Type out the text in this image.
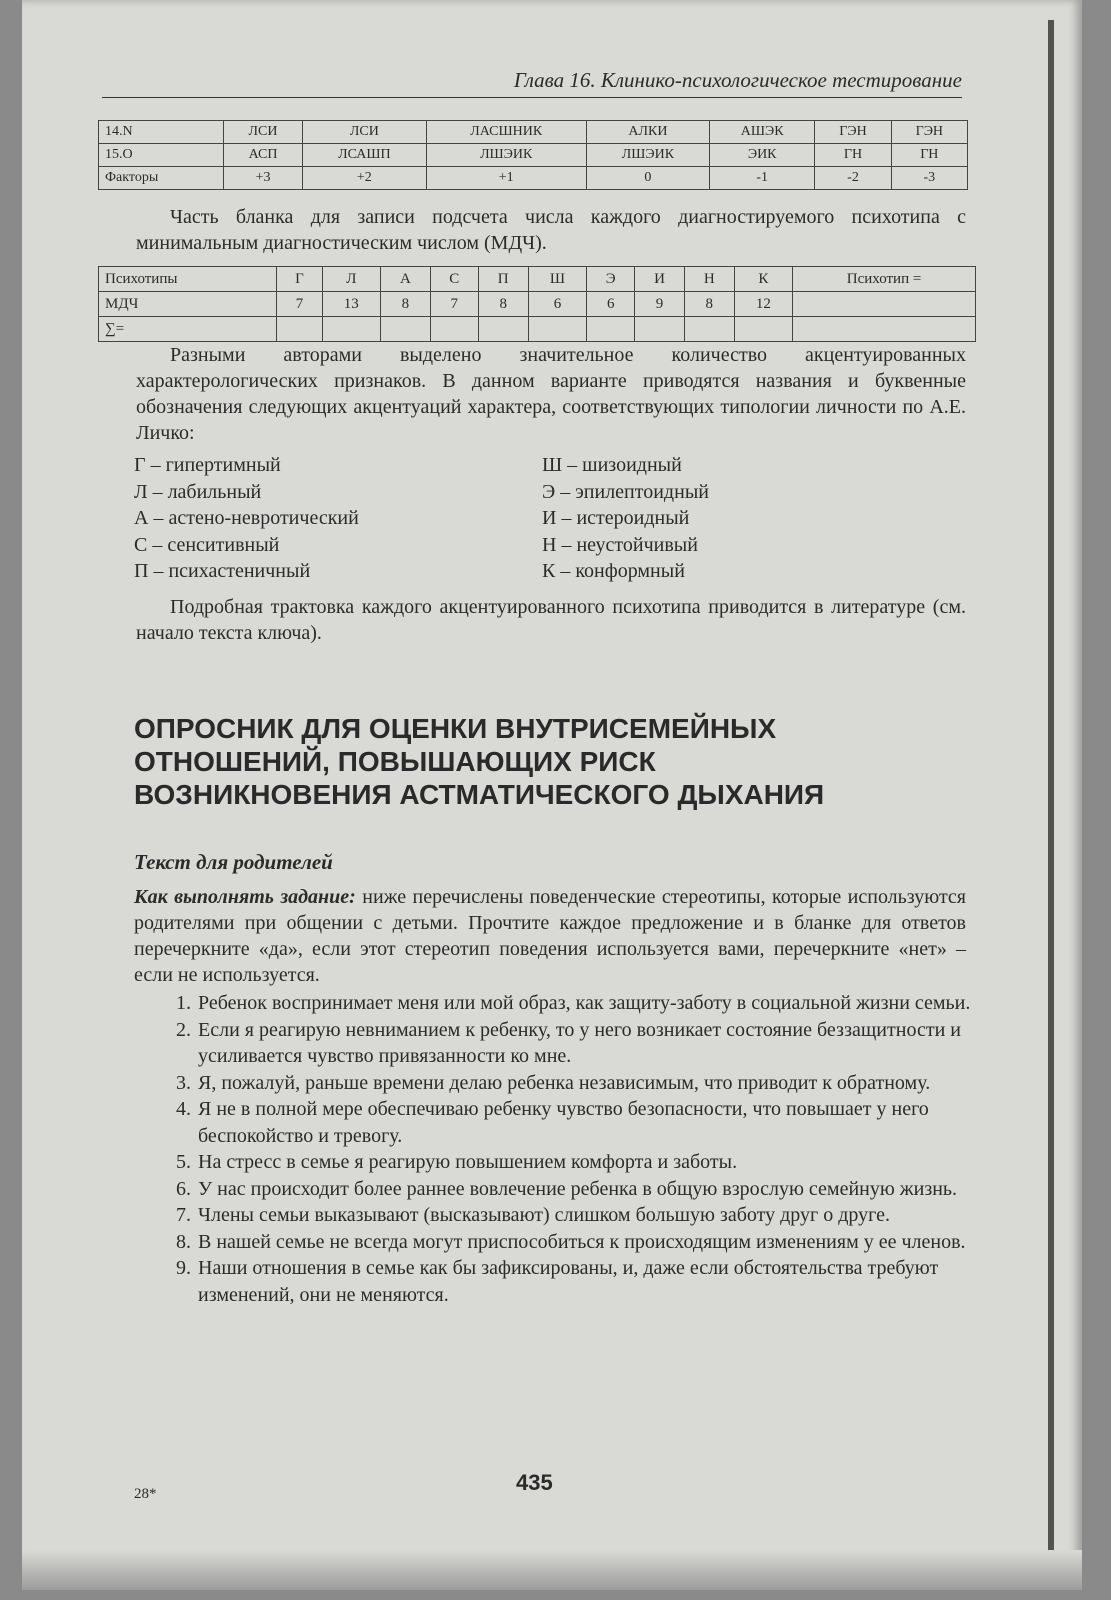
Глава 16. Клинико-психологическое тестирование
14.N	ЛСИ	ЛСИ	ЛАСШНИК	АЛКИ	АШЭК	ГЭН	ГЭН
15.О	АСП	ЛСАШП	ЛШЭИК	ЛШЭИК	ЭИК	ГН	ГН
Факторы	+3	+2	+1	0	-1	-2	-3
Часть бланка для записи подсчета числа каждого диагностируемого психотипа с минимальным диагностическим числом (МДЧ).
Психотипы	Г	Л	А	С	П	Ш	Э	И	Н	К	Психотип =
МДЧ	7	13	8	7	8	6	6	9	8	12	
∑=											
Разными авторами выделено значительное количество акцентуированных характерологических признаков. В данном варианте приводятся названия и буквенные обозначения следующих акцентуаций характера, соответствующих типологии личности по А.Е. Личко:
Г – гипертимный
Л – лабильный
А – астено-невротический
С – сенситивный
П – психастеничный
Ш – шизоидный
Э – эпилептоидный
И – истероидный
Н – неустойчивый
К – конформный
Подробная трактовка каждого акцентуированного психотипа приводится в литературе (см. начало текста ключа).
ОПРОСНИК ДЛЯ ОЦЕНКИ ВНУТРИСЕМЕЙНЫХ
ОТНОШЕНИЙ, ПОВЫШАЮЩИХ РИСК
ВОЗНИКНОВЕНИЯ АСТМАТИЧЕСКОГО ДЫХАНИЯ
Текст для родителей
Как выполнять задание: ниже перечислены поведенческие стереотипы, которые используются родителями при общении с детьми. Прочтите каждое предложение и в бланке для ответов перечеркните «да», если этот стереотип поведения используется вами, перечеркните «нет» – если не используется.
1. Ребенок воспринимает меня или мой образ, как защиту-заботу в социальной жизни семьи.
2. Если я реагирую невниманием к ребенку, то у него возникает состояние беззащитности и усиливается чувство привязанности ко мне.
3. Я, пожалуй, раньше времени делаю ребенка независимым, что приводит к обратному.
4. Я не в полной мере обеспечиваю ребенку чувство безопасности, что повышает у него беспокойство и тревогу.
5. На стресс в семье я реагирую повышением комфорта и заботы.
6. У нас происходит более раннее вовлечение ребенка в общую взрослую семейную жизнь.
7. Члены семьи выказывают (высказывают) слишком большую заботу друг о друге.
8. В нашей семье не всегда могут приспособиться к происходящим изменениям у ее членов.
9. Наши отношения в семье как бы зафиксированы, и, даже если обстоятельства требуют изменений, они не меняются.
28*	435
